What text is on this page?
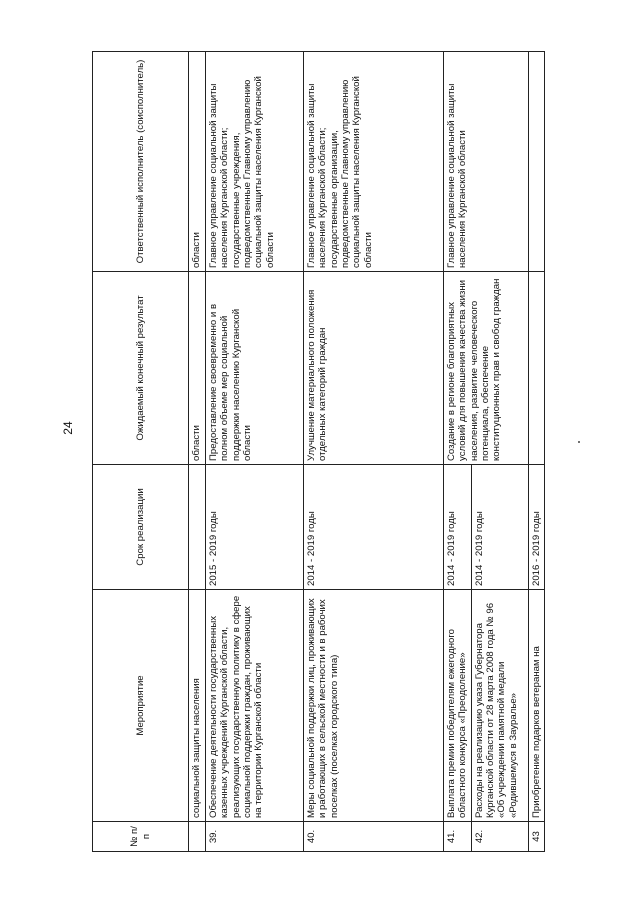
24
№ п/п	Мероприятие	Срок реализации	Ожидаемый конечный результат	Ответственный исполнитель (соисполнитель)
	социальной защиты населения		области	области
39.	Обеспечение деятельности государственных казенных учреждений Курганской области, реализующих государственную политику в сфере социальной поддержки граждан, проживающих на территории Курганской области	2015 - 2019 годы	Предоставление своевременно и в полном объеме мер социальной поддержки населению Курганской области	Главное управление социальной защиты населения Курганской области; государственные учреждения, подведомственные Главному управлению социальной защиты населения Курганской области
40.	Меры социальной поддержки лиц, проживающих и работающих в сельской местности и в рабочих поселках (поселках городского типа)	2014 - 2019 годы	Улучшение материального положения отдельных категорий граждан	Главное управление социальной защиты населения Курганской области; государственные организации, подведомственные Главному управлению социальной защиты населения Курганской области
41.	Выплата премии победителям ежегодного областного конкурса «Преодоление»	2014 - 2019 годы	Создание в регионе благоприятных условий для повышения качества жизни населения, развитие человеческого потенциала, обеспечение конституционных прав и свобод граждан	Главное управление социальной защиты населения Курганской области
42.	Расходы на реализацию указа Губернатора Курганской области от 28 марта 2008 года № 96 «Об учреждении памятной медали «Родившемуся в Зауралье»	2014 - 2019 годы		
43	Приобретение подарков ветеранам на	2016 - 2019 годы		
